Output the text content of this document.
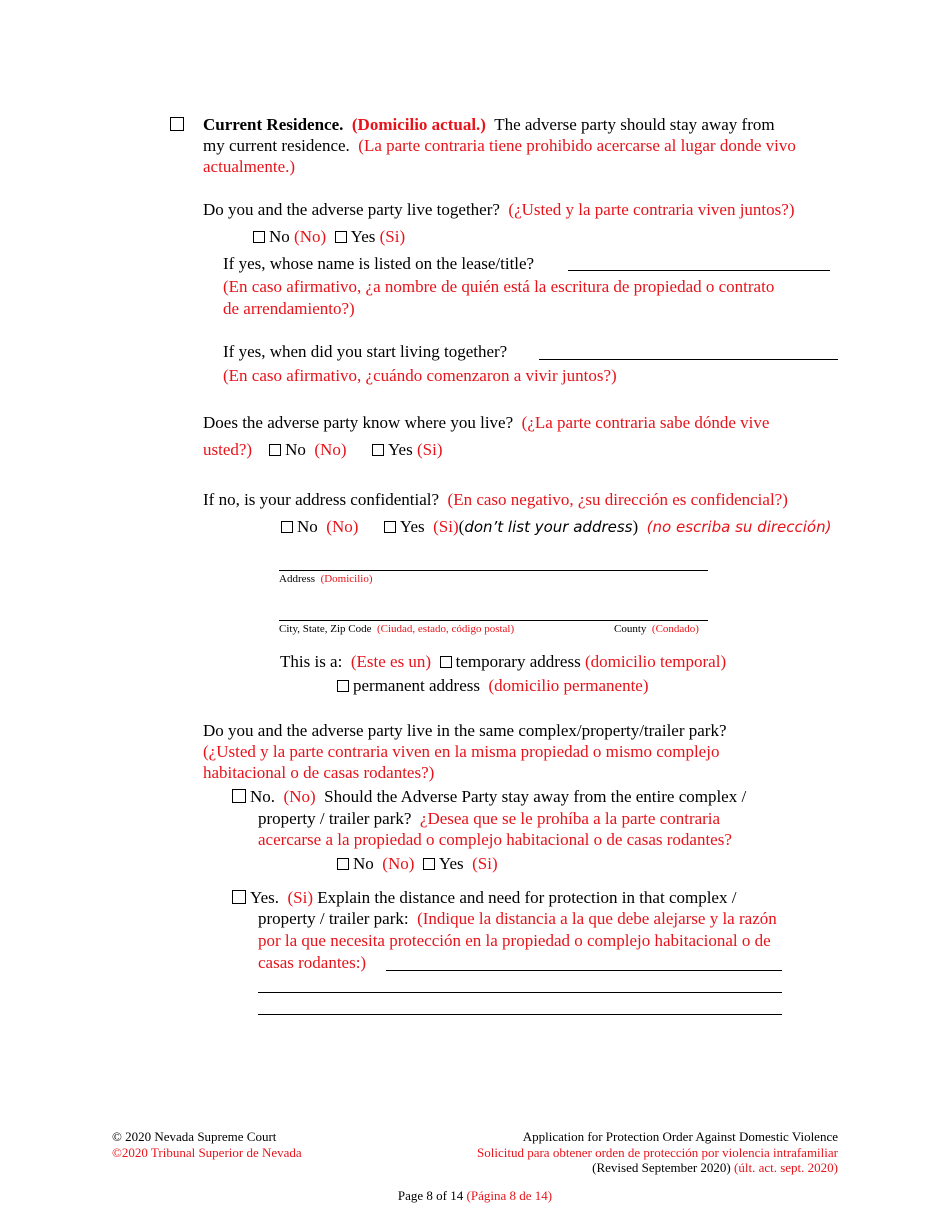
Current Residence. (Domicilio actual.) The adverse party should stay away from
my current residence. (La parte contraria tiene prohibido acercarse al lugar donde vivo
actualmente.)
Do you and the adverse party live together? (¿Usted y la parte contraria viven juntos?)
No (No) Yes (Si)
If yes, whose name is listed on the lease/title?
(En caso afirmativo, ¿a nombre de quién está la escritura de propiedad o contrato
de arrendamiento?)
If yes, when did you start living together?
(En caso afirmativo, ¿cuándo comenzaron a vivir juntos?)
Does the adverse party know where you live? (¿La parte contraria sabe dónde vive
usted?) No (No) Yes (Si)
If no, is your address confidential? (En caso negativo, ¿su dirección es confidencial?)
No (No) Yes (Si)(don’t list your address) (no escriba su dirección)
Address (Domicilio)
City, State, Zip Code (Ciudad, estado, código postal)	County (Condado)
This is a: (Este es un) temporary address (domicilio temporal)
permanent address (domicilio permanente)
Do you and the adverse party live in the same complex/property/trailer park?
(¿Usted y la parte contraria viven en la misma propiedad o mismo complejo
habitacional o de casas rodantes?)
No. (No) Should the Adverse Party stay away from the entire complex /
property / trailer park? ¿Desea que se le prohíba a la parte contraria
acercarse a la propiedad o complejo habitacional o de casas rodantes?
No (No) Yes (Si)
Yes. (Si) Explain the distance and need for protection in that complex /
property / trailer park: (Indique la distancia a la que debe alejarse y la razón
por la que necesita protección en la propiedad o complejo habitacional o de
casas rodantes:)
© 2020 Nevada Supreme Court
©2020 Tribunal Superior de Nevada
Application for Protection Order Against Domestic Violence
Solicitud para obtener orden de protección por violencia intrafamiliar
(Revised September 2020) (últ. act. sept. 2020)
Page 8 of 14 (Página 8 de 14)
